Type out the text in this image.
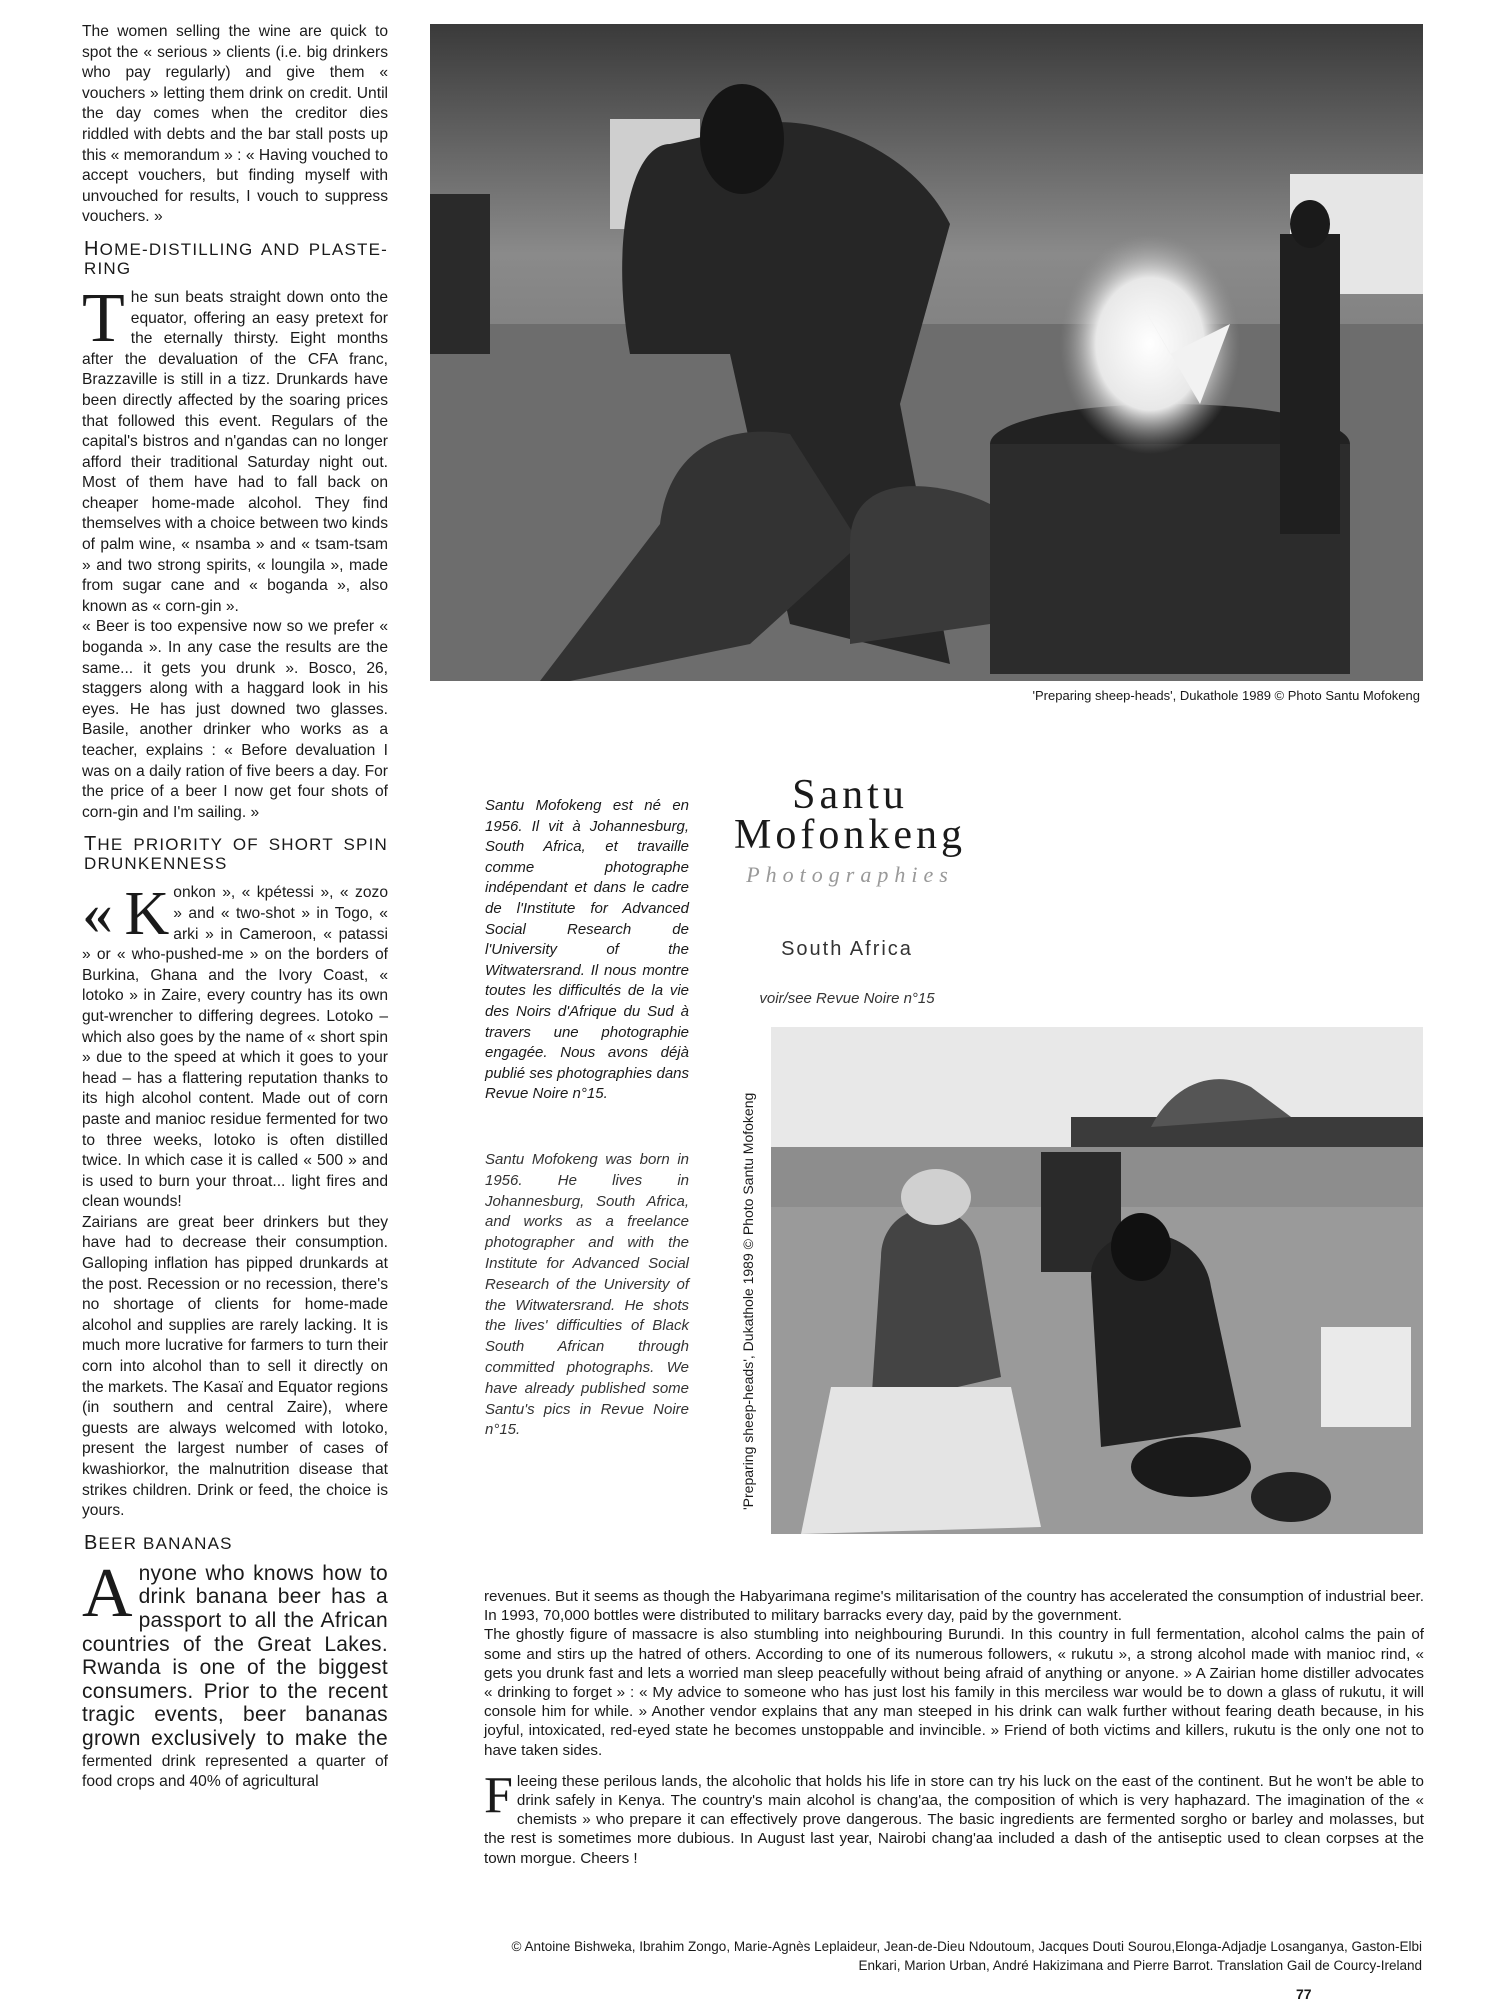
The women selling the wine are quick to spot the « serious » clients (i.e. big drinkers who pay regularly) and give them « vouchers » letting them drink on credit. Until the day comes when the creditor dies riddled with debts and the bar stall posts up this « memorandum » : « Having vouched to accept vouchers, but finding myself with unvouched for results, I vouch to suppress vouchers. »

HOME-DISTILLING AND PLASTE-RING

The sun beats straight down onto the equator, offering an easy pretext for the eternally thirsty. Eight months after the devaluation of the CFA franc, Brazzaville is still in a tizz. Drunkards have been directly affected by the soaring prices that followed this event. Regulars of the capital's bistros and n'gandas can no longer afford their traditional Saturday night out. Most of them have had to fall back on cheaper home-made alcohol. They find themselves with a choice between two kinds of palm wine, « nsamba » and « tsam-tsam » and two strong spirits, « loungila », made from sugar cane and « boganda », also known as « corn-gin ».

« Beer is too expensive now so we prefer « boganda ». In any case the results are the same... it gets you drunk ». Bosco, 26, staggers along with a haggard look in his eyes. He has just downed two glasses. Basile, another drinker who works as a teacher, explains : « Before devaluation I was on a daily ration of five beers a day. For the price of a beer I now get four shots of corn-gin and I'm sailing. »

THE PRIORITY OF SHORT SPIN DRUNKENNESS

« K onkon », « kpétessi », « zozo » and « two-shot » in Togo, « arki » in Cameroon, « patassi » or « who-pushed-me » on the borders of Burkina, Ghana and the Ivory Coast, « lotoko » in Zaire, every country has its own gut-wrencher to differing degrees. Lotoko – which also goes by the name of « short spin » due to the speed at which it goes to your head – has a flattering reputation thanks to its high alcohol content. Made out of corn paste and manioc residue fermented for two to three weeks, lotoko is often distilled twice. In which case it is called « 500 » and is used to burn your throat... light fires and clean wounds!

Zairians are great beer drinkers but they have had to decrease their consumption. Galloping inflation has pipped drunkards at the post. Recession or no recession, there's no shortage of clients for home-made alcohol and supplies are rarely lacking. It is much more lucrative for farmers to turn their corn into alcohol than to sell it directly on the markets. The Kasaï and Equator regions (in southern and central Zaire), where guests are always welcomed with lotoko, present the largest number of cases of kwashiorkor, the malnutrition disease that strikes children. Drink or feed, the choice is yours.

BEER BANANAS

Anyone who knows how to drink banana beer has a passport to all the African countries of the Great Lakes. Rwanda is one of the biggest consumers. Prior to the recent tragic events, beer bananas grown exclusively to make the fermented drink represented a quarter of food crops and 40% of agricultural

'Preparing sheep-heads', Dukathole 1989 © Photo Santu Mofokeng
Santu Mofokeng est né en 1956. Il vit à Johannesburg, South Africa, et travaille comme photographe indépendant et dans le cadre de l'Institute for Advanced Social Research de l'University of the Witwatersrand. Il nous montre toutes les difficultés de la vie des Noirs d'Afrique du Sud à travers une photographie engagée. Nous avons déjà publié ses photographies dans Revue Noire n°15.
Santu Mofokeng was born in 1956. He lives in Johannesburg, South Africa, and works as a freelance photographer and with the Institute for Advanced Social Research of the University of the Witwatersrand. He shots the lives' difficulties of Black South African through committed photographs. We have already published some Santu's pics in Revue Noire n°15.
Santu
Mofonkeng
Photographies
South Africa
voir/see Revue Noire n°15
'Preparing sheep-heads', Dukathole 1989 © Photo Santu Mofokeng

revenues. But it seems as though the Habyarimana regime's militarisation of the country has accelerated the consumption of industrial beer. In 1993, 70,000 bottles were distributed to military barracks every day, paid by the government.

The ghostly figure of massacre is also stumbling into neighbouring Burundi. In this country in full fermentation, alcohol calms the pain of some and stirs up the hatred of others. According to one of its numerous followers, « rukutu », a strong alcohol made with manioc rind, « gets you drunk fast and lets a worried man sleep peacefully without being afraid of anything or anyone. » A Zairian home distiller advocates « drinking to forget » : « My advice to someone who has just lost his family in this merciless war would be to down a glass of rukutu, it will console him for while. » Another vendor explains that any man steeped in his drink can walk further without fearing death because, in his joyful, intoxicated, red-eyed state he becomes unstoppable and invincible. » Friend of both victims and killers, rukutu is the only one not to have taken sides.

Fleeing these perilous lands, the alcoholic that holds his life in store can try his luck on the east of the continent. But he won't be able to drink safely in Kenya. The country's main alcohol is chang'aa, the composition of which is very haphazard. The imagination of the « chemists » who prepare it can effectively prove dangerous. The basic ingredients are fermented sorgho or barley and molasses, but the rest is sometimes more dubious. In August last year, Nairobi chang'aa included a dash of the antiseptic used to clean corpses at the town morgue. Cheers !

© Antoine Bishweka, Ibrahim Zongo, Marie-Agnès Leplaideur, Jean-de-Dieu Ndoutoum, Jacques Douti Sourou,Elonga-Adjadje Losanganya, Gaston-Elbi Enkari, Marion Urban, André Hakizimana and Pierre Barrot. Translation Gail de Courcy-Ireland
77
